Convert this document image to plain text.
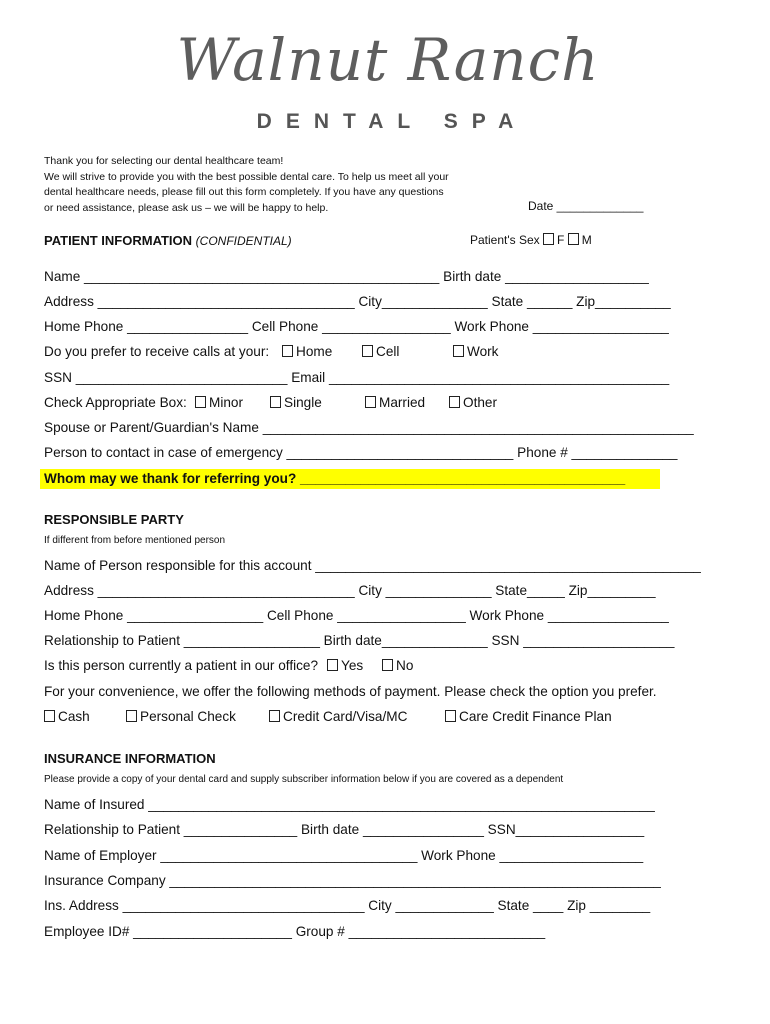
Walnut Ranch
DENTAL SPA
Thank you for selecting our dental healthcare team!
We will strive to provide you with the best possible dental care. To help us meet all your
dental healthcare needs, please fill out this form completely. If you have any questions
or need assistance, please ask us – we will be happy to help.	Date _____________
PATIENT INFORMATION (CONFIDENTIAL)	Patient's Sex F M
Name _______________________________________________ Birth date ___________________
Address __________________________________ City______________ State ______ Zip__________
Home Phone ________________ Cell Phone _________________ Work Phone __________________
Do you prefer to receive calls at your:	Home	Cell	Work
SSN ____________________________ Email _____________________________________________
Check Appropriate Box:	Minor	Single	Married	Other
Spouse or Parent/Guardian's Name _________________________________________________________
Person to contact in case of emergency ______________________________ Phone # ______________
Whom may we thank for referring you? ___________________________________________
RESPONSIBLE PARTY
If different from before mentioned person
Name of Person responsible for this account ___________________________________________________
Address __________________________________ City ______________ State_____ Zip_________
Home Phone __________________ Cell Phone _________________ Work Phone ________________
Relationship to Patient __________________ Birth date______________ SSN ____________________
Is this person currently a patient in our office?	Yes	No
For your convenience, we offer the following methods of payment. Please check the option you prefer.
Cash	Personal Check	Credit Card/Visa/MC	Care Credit Finance Plan
INSURANCE INFORMATION
Please provide a copy of your dental card and supply subscriber information below if you are covered as a dependent
Name of Insured ___________________________________________________________________
Relationship to Patient _______________ Birth date ________________ SSN_________________
Name of Employer __________________________________ Work Phone ___________________
Insurance Company _________________________________________________________________
Ins. Address ________________________________ City _____________ State ____ Zip ________
Employee ID# _____________________ Group # __________________________
